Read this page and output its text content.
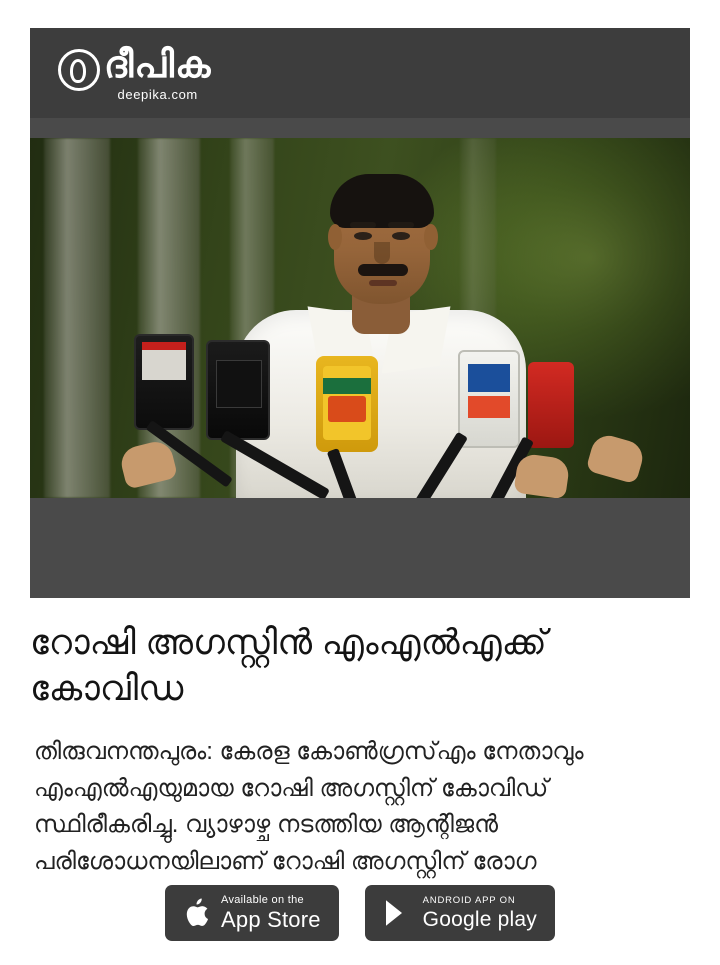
ദീപിക
deepika.com
റോഷി അഗസ്റ്റിൻ എംഎൽഎക്ക് കോവിഡ
തിരുവനന്തപുരം: കേരള കോൺഗ്രസ്‌എം നേതാവും എംഎൽഎയുമായ റോഷി അഗസ്റ്റിന് കോവിഡ് സ്ഥിരീകരിച്ചു. വ്യാഴാഴ്ച നടത്തിയ ആന്റിജൻ പരിശോധനയിലാണ് റോഷി അഗസ്റ്റിന് രോഗ
Available on the
App Store
ANDROID APP ON
Google play
